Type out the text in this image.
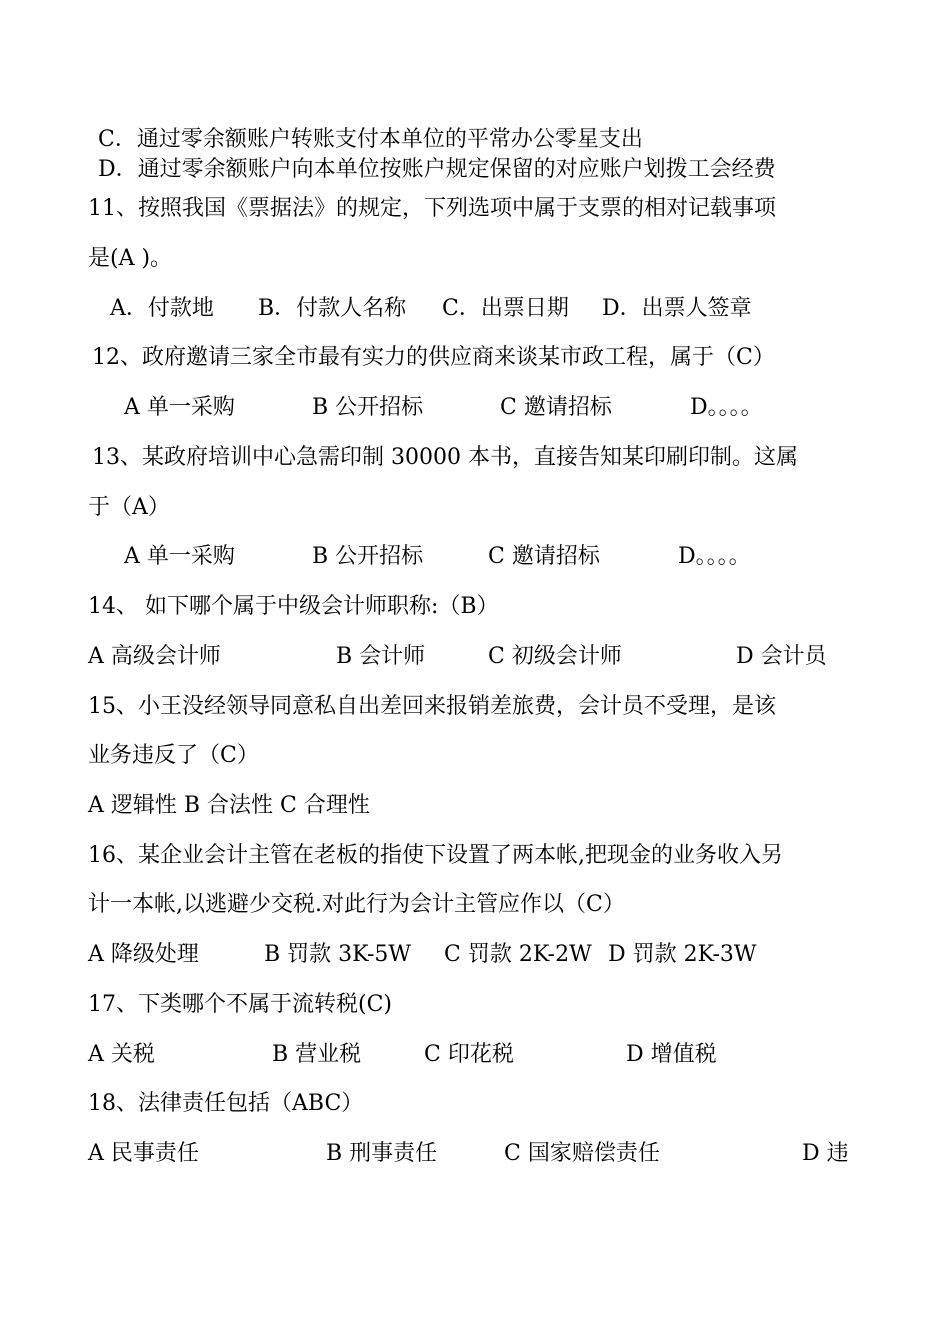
C．通过零余额账户转账支付本单位的平常办公零星支出
D．通过零余额账户向本单位按账户规定保留的对应账户划拨工会经费
11、按照我国《票据法》的规定，下列选项中属于支票的相对记载事项
是(A )。
A．付款地 B．付款人名称 C．出票日期 D．出票人签章
12、政府邀请三家全市最有实力的供应商来谈某市政工程，属于（C）
A 单一采购	B 公开招标	C 邀请招标	D。。。。
13、某政府培训中心急需印制 30000 本书，直接告知某印刷印制。这属
于（A）
A 单一采购	B 公开招标	C 邀请招标	D。。。。
14、 如下哪个属于中级会计师职称:（B）
A 高级会计师	B 会计师	C 初级会计师	D 会计员
15、小王没经领导同意私自出差回来报销差旅费，会计员不受理，是该
业务违反了（C）
A 逻辑性 B 合法性 C 合理性
16、某企业会计主管在老板的指使下设置了两本帐,把现金的业务收入另
计一本帐,以逃避少交税.对此行为会计主管应作以（C）
A 降级处理	B 罚款 3K-5W C 罚款 2K-2W D 罚款 2K-3W
17、下类哪个不属于流转税(C)
A 关税	B 营业税	C 印花税	D 增值税
18、法律责任包括（ABC）
A 民事责任	B 刑事责任	C 国家赔偿责任	D 违
